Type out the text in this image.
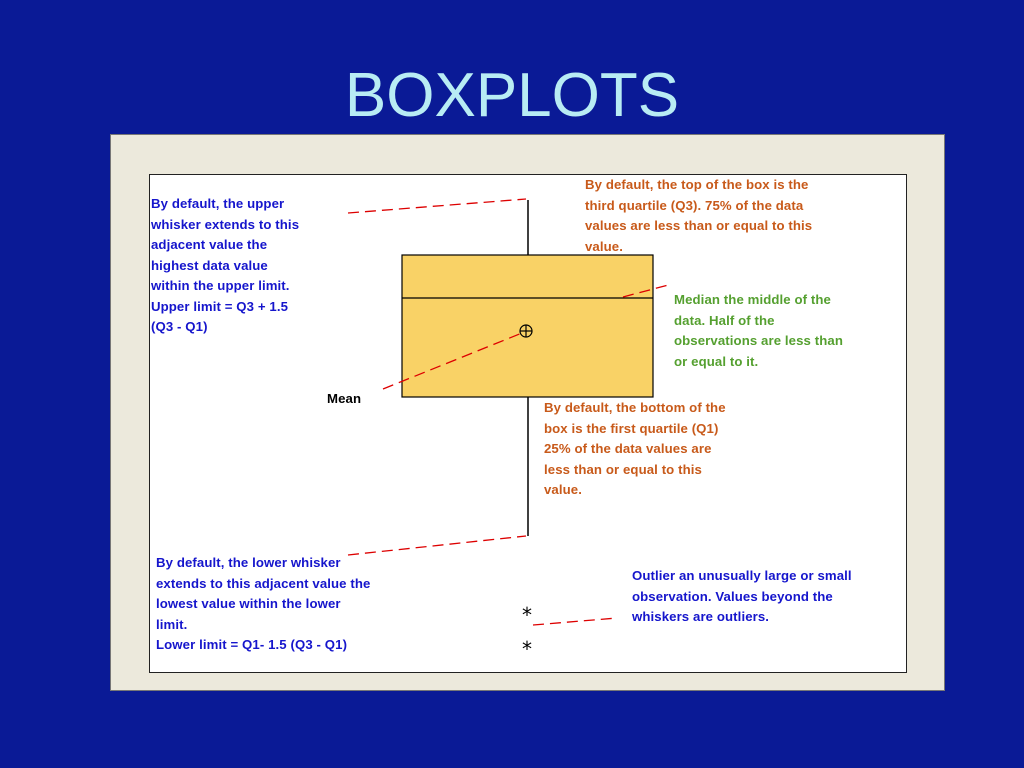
BOXPLOTS
*
*
By default, the upper
whisker extends to this
adjacent value the
highest data value
within the upper limit.
Upper limit = Q3 + 1.5
(Q3 - Q1)
By default, the top of the box is the
third quartile (Q3). 75% of the data
values are less than or equal to this
value.
Median the middle of the
data. Half of the
observations are less than
or equal to it.
Mean
By default, the bottom of the
box is the first quartile (Q1)
25% of the data values are
less than or equal to this
value.
By default, the lower whisker
extends to this adjacent value the
lowest value within the lower
limit.
Lower limit = Q1- 1.5 (Q3 - Q1)
Outlier an unusually large or small
observation. Values beyond the
whiskers are outliers.
